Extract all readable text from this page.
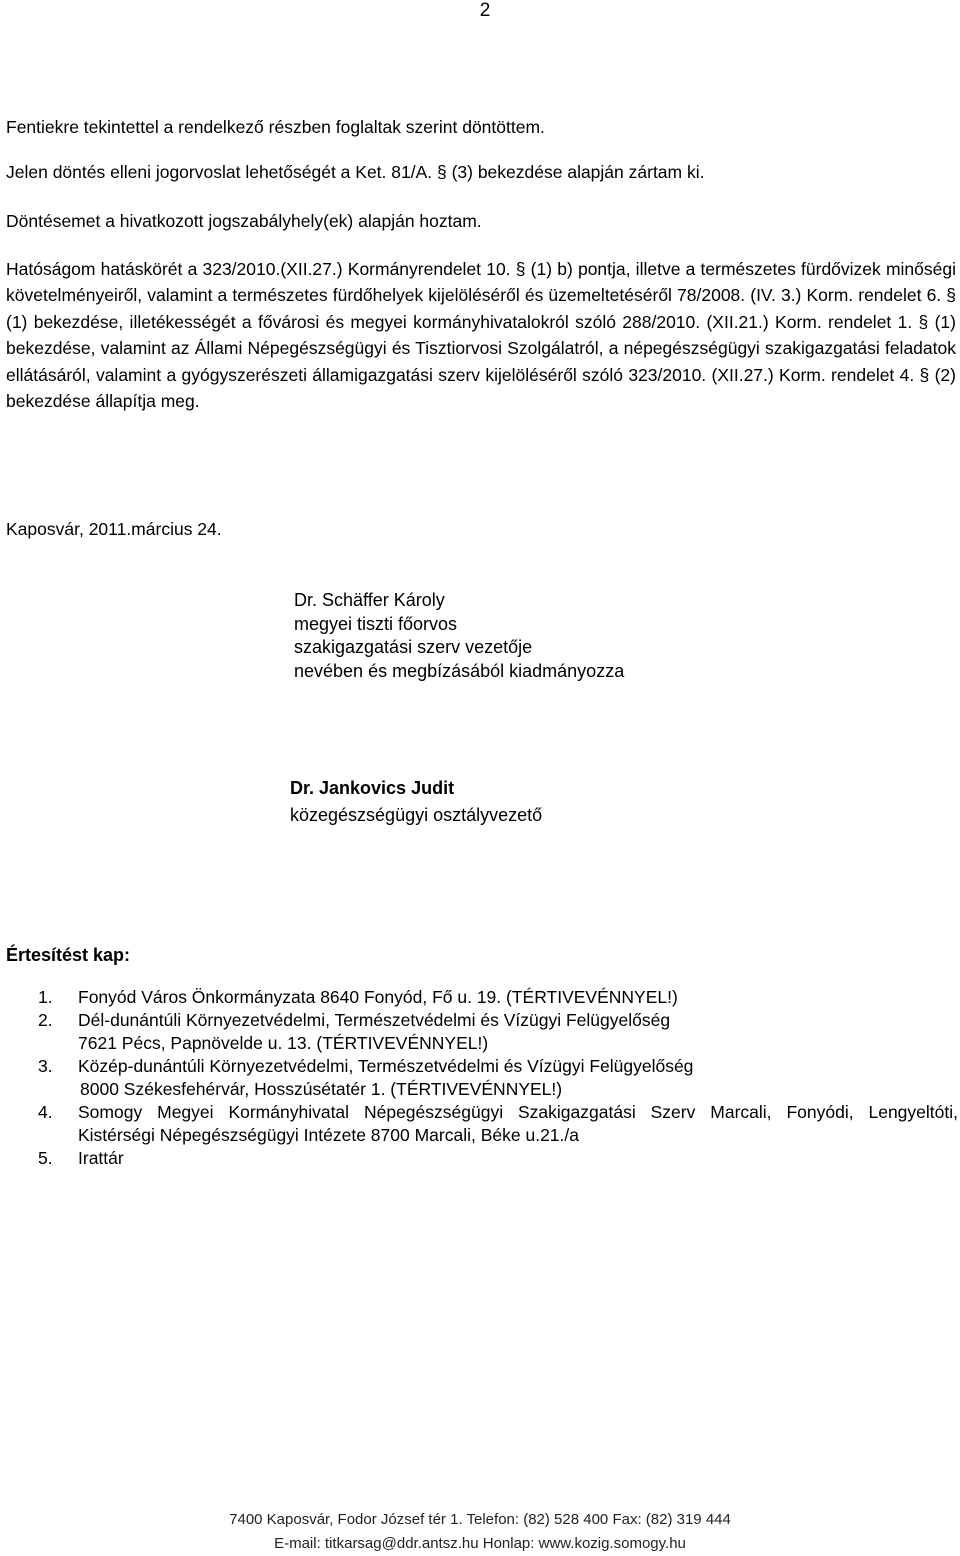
2
Fentiekre tekintettel a rendelkező részben foglaltak szerint döntöttem.
Jelen döntés elleni jogorvoslat lehetőségét a Ket. 81/A. § (3) bekezdése alapján zártam ki.
Döntésemet a hivatkozott jogszabályhely(ek) alapján hoztam.
Hatóságom hatáskörét a 323/2010.(XII.27.) Kormányrendelet 10. § (1) b) pontja, illetve a természetes fürdővizek minőségi követelményeiről, valamint a természetes fürdőhelyek kijelöléséről és üzemeltetéséről 78/2008. (IV. 3.) Korm. rendelet 6. § (1) bekezdése, illetékességét a fővárosi és megyei kormányhivatalokról szóló 288/2010. (XII.21.) Korm. rendelet 1. § (1) bekezdése, valamint az Állami Népegészségügyi és Tisztiorvosi Szolgálatról, a népegészségügyi szakigazgatási feladatok ellátásáról, valamint a gyógyszerészeti államigazgatási szerv kijelöléséről szóló 323/2010. (XII.27.) Korm. rendelet 4. § (2) bekezdése állapítja meg.
Kaposvár, 2011.március 24.
Dr. Schäffer Károly
megyei tiszti főorvos
szakigazgatási szerv vezetője
nevében és megbízásából kiadmányozza
Dr. Jankovics Judit
közegészségügyi osztályvezető
Értesítést kap:
1.	Fonyód Város Önkormányzata 8640 Fonyód, Fő u. 19. (TÉRTIVEVÉNNYEL!)
2.	Dél-dunántúli Környezetvédelmi, Természetvédelmi és Vízügyi Felügyelőség
7621 Pécs, Papnövelde u. 13. (TÉRTIVEVÉNNYEL!)
3.	Közép-dunántúli Környezetvédelmi, Természetvédelmi és Vízügyi Felügyelőség
8000 Székesfehérvár, Hosszúsétatér 1. (TÉRTIVEVÉNNYEL!)
4.	Somogy Megyei Kormányhivatal Népegészségügyi Szakigazgatási Szerv Marcali, Fonyódi, Lengyeltóti, Kistérségi Népegészségügyi Intézete 8700 Marcali, Béke u.21./a
5.	Irattár
7400 Kaposvár, Fodor József tér 1. Telefon: (82) 528 400 Fax: (82) 319 444
E-mail: titkarsag@ddr.antsz.hu Honlap: www.kozig.somogy.hu
